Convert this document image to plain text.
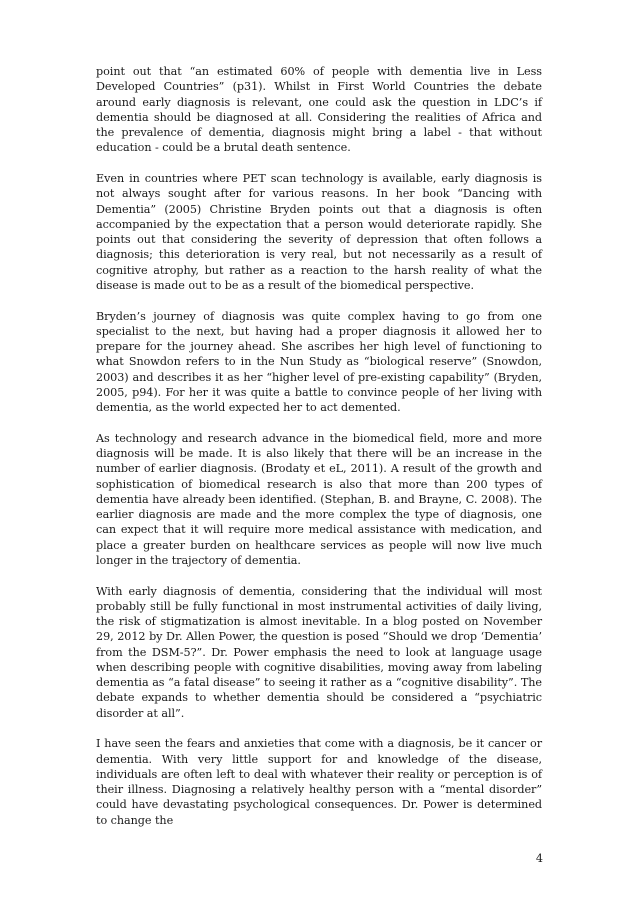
point out that “an estimated 60% of people with dementia live in Less Developed Countries” (p31). Whilst in First World Countries the debate around early diagnosis is relevant, one could ask the question in LDC’s if dementia should be diagnosed at all. Considering the realities of Africa and the prevalence of dementia, diagnosis might bring a label - that without education - could be a brutal death sentence.

Even in countries where PET scan technology is available, early diagnosis is not always sought after for various reasons. In her book “Dancing with Dementia” (2005) Christine Bryden points out that a diagnosis is often accompanied by the expectation that a person would deteriorate rapidly. She points out that considering the severity of depression that often follows a diagnosis; this deterioration is very real, but not necessarily as a result of cognitive atrophy, but rather as a reaction to the harsh reality of what the disease is made out to be as a result of the biomedical perspective.

Bryden’s journey of diagnosis was quite complex having to go from one specialist to the next, but having had a proper diagnosis it allowed her to prepare for the journey ahead. She ascribes her high level of functioning to what Snowdon refers to in the Nun Study as “biological reserve” (Snowdon, 2003) and describes it as her “higher level of pre-existing capability” (Bryden, 2005, p94). For her it was quite a battle to convince people of her living with dementia, as the world expected her to act demented.

As technology and research advance in the biomedical field, more and more diagnosis will be made. It is also likely that there will be an increase in the number of earlier diagnosis. (Brodaty et eL, 2011). A result of the growth and sophistication of biomedical research is also that more than 200 types of dementia have already been identified. (Stephan, B. and Brayne, C. 2008). The earlier diagnosis are made and the more complex the type of diagnosis, one can expect that it will require more medical assistance with medication, and place a greater burden on healthcare services as people will now live much longer in the trajectory of dementia.

With early diagnosis of dementia, considering that the individual will most probably still be fully functional in most instrumental activities of daily living, the risk of stigmatization is almost inevitable. In a blog posted on November 29, 2012 by Dr. Allen Power, the question is posed “Should we drop ‘Dementia’ from the DSM-5?”. Dr. Power emphasis the need to look at language usage when describing people with cognitive disabilities, moving away from labeling dementia as “a fatal disease” to seeing it rather as a “cognitive disability”. The debate expands to whether dementia should be considered a “psychiatric disorder at all”.

I have seen the fears and anxieties that come with a diagnosis, be it cancer or dementia. With very little support for and knowledge of the disease, individuals are often left to deal with whatever their reality or perception is of their illness. Diagnosing a relatively healthy person with a “mental disorder” could have devastating psychological consequences. Dr. Power is determined to change the

4
